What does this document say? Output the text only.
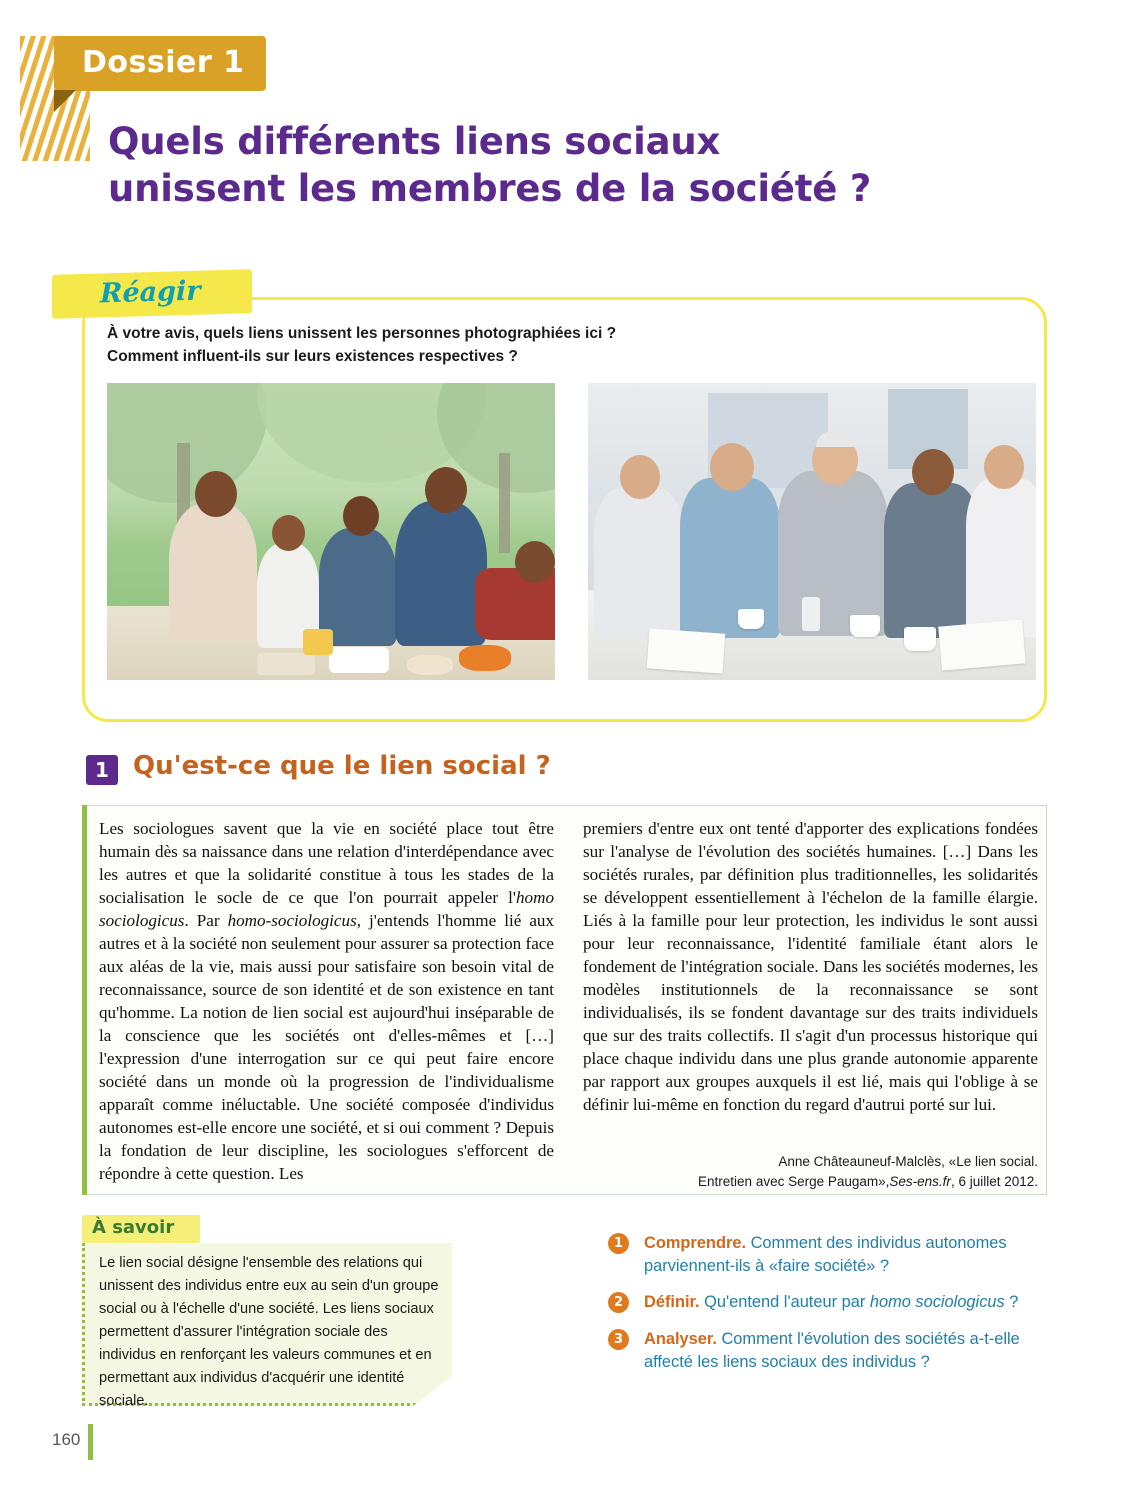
Dossier 1
Quels différents liens sociaux
unissent les membres de la société ?
Réagir
À votre avis, quels liens unissent les personnes photographiées ici ?
Comment influent-ils sur leurs existences respectives ?
1 Qu'est-ce que le lien social ?
Les sociologues savent que la vie en société place tout être humain dès sa naissance dans une relation d'interdépendance avec les autres et que la solidarité constitue à tous les stades de la socialisation le socle de ce que l'on pourrait appeler l'homo sociologicus. Par homo-sociologicus, j'entends l'homme lié aux autres et à la société non seulement pour assurer sa protection face aux aléas de la vie, mais aussi pour satisfaire son besoin vital de reconnaissance, source de son identité et de son existence en tant qu'homme. La notion de lien social est aujourd'hui inséparable de la conscience que les sociétés ont d'elles-mêmes et […] l'expression d'une interrogation sur ce qui peut faire encore société dans un monde où la progression de l'individualisme apparaît comme inéluctable. Une société composée d'individus autonomes est-elle encore une société, et si oui comment ? Depuis la fondation de leur discipline, les sociologues s'efforcent de répondre à cette question. Les
premiers d'entre eux ont tenté d'apporter des explications fondées sur l'analyse de l'évolution des sociétés humaines. […] Dans les sociétés rurales, par définition plus traditionnelles, les solidarités se développent essentiellement à l'échelon de la famille élargie. Liés à la famille pour leur protection, les individus le sont aussi pour leur reconnaissance, l'identité familiale étant alors le fondement de l'intégration sociale. Dans les sociétés modernes, les modèles institutionnels de la reconnaissance se sont individualisés, ils se fondent davantage sur des traits individuels que sur des traits collectifs. Il s'agit d'un processus historique qui place chaque individu dans une plus grande autonomie apparente par rapport aux groupes auxquels il est lié, mais qui l'oblige à se définir lui-même en fonction du regard d'autrui porté sur lui.
Anne Châteauneuf-Malclès, «Le lien social.
Entretien avec Serge Paugam»,Ses-ens.fr, 6 juillet 2012.
À savoir
Le lien social désigne l'ensemble des relations qui unissent des individus entre eux au sein d'un groupe social ou à l'échelle d'une société. Les liens sociaux permettent d'assurer l'intégration sociale des individus en renforçant les valeurs communes et en permettant aux individus d'acquérir une identité sociale.
1	Comprendre. Comment des individus autonomes parviennent-ils à «faire société» ?
2	Définir. Qu'entend l'auteur par homo sociologicus ?
3	Analyser. Comment l'évolution des sociétés a-t-elle affecté les liens sociaux des individus ?
160
